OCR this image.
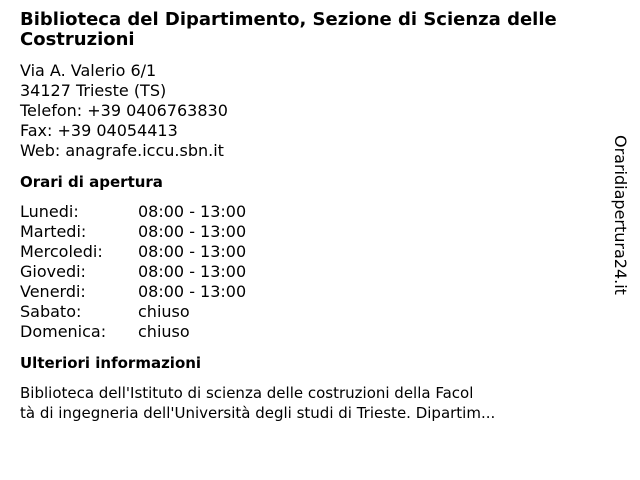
Biblioteca del Dipartimento, Sezione di Scienza delle
Costruzioni
Via A. Valerio 6/1
34127 Trieste (TS)
Telefon: +39 0406763830
Fax: +39 04054413
Web: anagrafe.iccu.sbn.it
Orari di apertura
Lunedi:	08:00 - 13:00
Martedi:	08:00 - 13:00
Mercoledi:	08:00 - 13:00
Giovedi:	08:00 - 13:00
Venerdi:	08:00 - 13:00
Sabato:	chiuso
Domenica:	chiuso
Ulteriori informazioni
Biblioteca dell'Istituto di scienza delle costruzioni della Facol
tà di ingegneria dell'Università degli studi di Trieste. Dipartim...
Oraridiapertura24.it
